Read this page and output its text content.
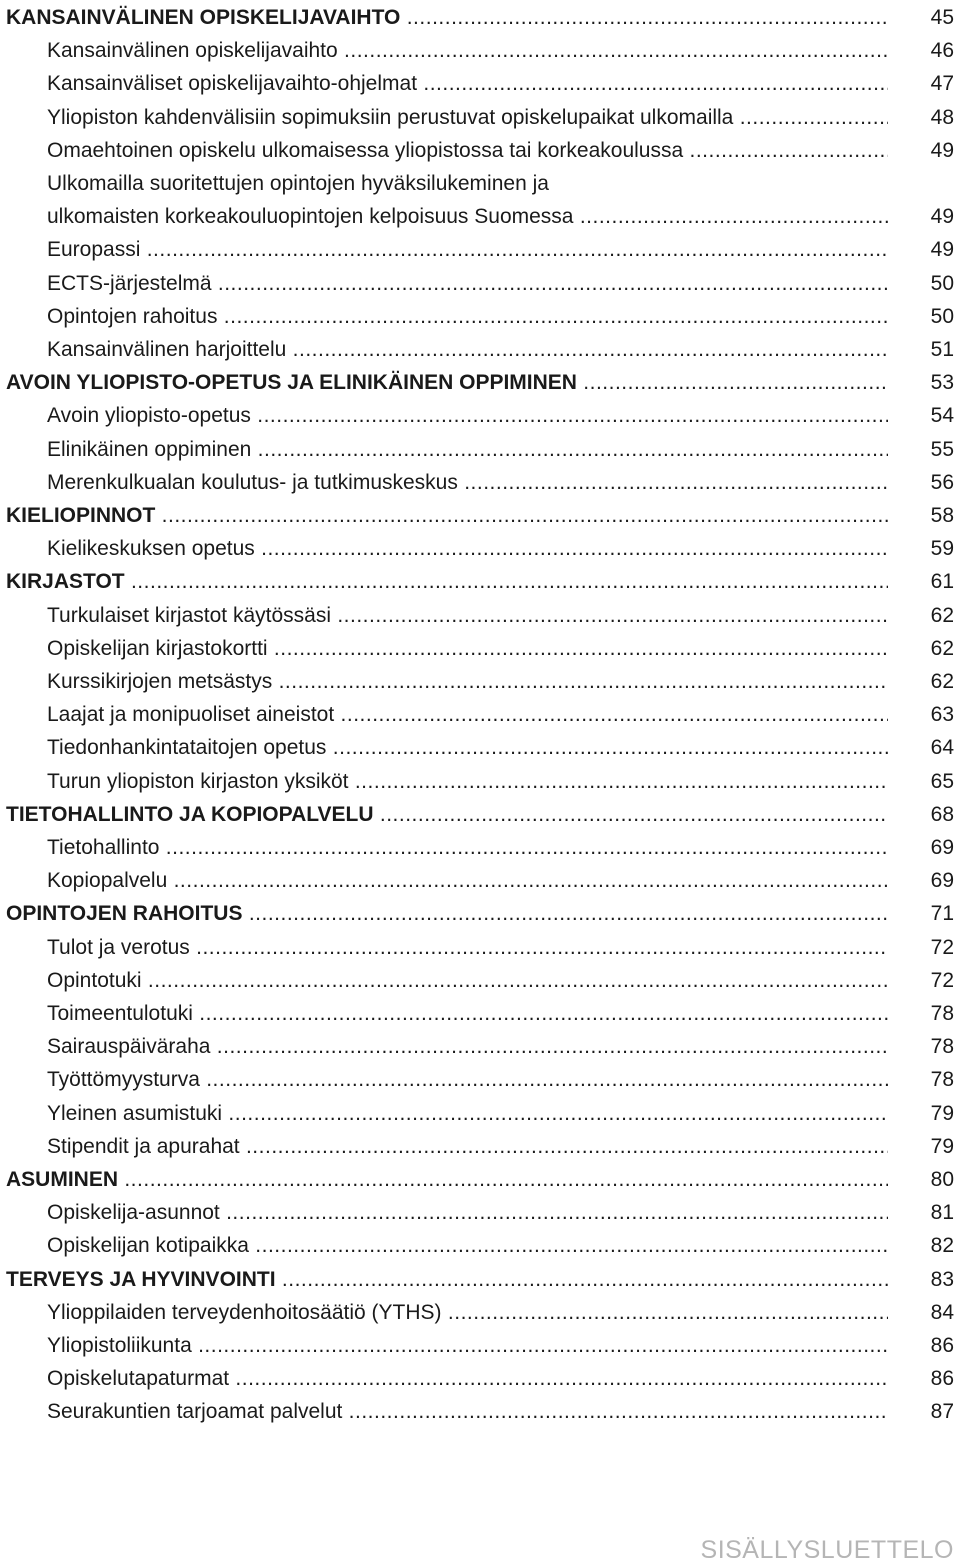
KANSAINVÄLINEN OPISKELIJAVAIHTO .....	45
Kansainvälinen opiskelijavaihto .....	46
Kansainväliset opiskelijavaihto-ohjelmat .....	47
Yliopiston kahdenvälisiin sopimuksiin perustuvat opiskelupaikat ulkomailla .....	48
Omaehtoinen opiskelu ulkomaisessa yliopistossa tai korkeakoulussa .....	49
Ulkomailla suoritettujen opintojen hyväksilukeminen ja
ulkomaisten korkeakouluopintojen kelpoisuus Suomessa .....	49
Europassi .....	49
ECTS-järjestelmä .....	50
Opintojen rahoitus .....	50
Kansainvälinen harjoittelu .....	51
AVOIN YLIOPISTO-OPETUS JA ELINIKÄINEN OPPIMINEN .....	53
Avoin yliopisto-opetus .....	54
Elinikäinen oppiminen .....	55
Merenkulkualan koulutus- ja tutkimuskeskus .....	56
KIELIOPINNOT .....	58
Kielikeskuksen opetus .....	59
KIRJASTOT .....	61
Turkulaiset kirjastot käytössäsi .....	62
Opiskelijan kirjastokortti .....	62
Kurssikirjojen metsästys .....	62
Laajat ja monipuoliset aineistot .....	63
Tiedonhankintataitojen opetus .....	64
Turun yliopiston kirjaston yksiköt .....	65
TIETOHALLINTO JA KOPIOPALVELU .....	68
Tietohallinto .....	69
Kopiopalvelu .....	69
OPINTOJEN RAHOITUS .....	71
Tulot ja verotus .....	72
Opintotuki .....	72
Toimeentulotuki .....	78
Sairauspäiväraha .....	78
Työttömyysturva .....	78
Yleinen asumistuki .....	79
Stipendit ja apurahat .....	79
ASUMINEN .....	80
Opiskelija-asunnot .....	81
Opiskelijan kotipaikka .....	82
TERVEYS JA HYVINVOINTI .....	83
Ylioppilaiden terveydenhoitosäätiö (YTHS) .....	84
Yliopistoliikunta .....	86
Opiskelutapaturmat .....	86
Seurakuntien tarjoamat palvelut .....	87
SISÄLLYSLUETTELO
